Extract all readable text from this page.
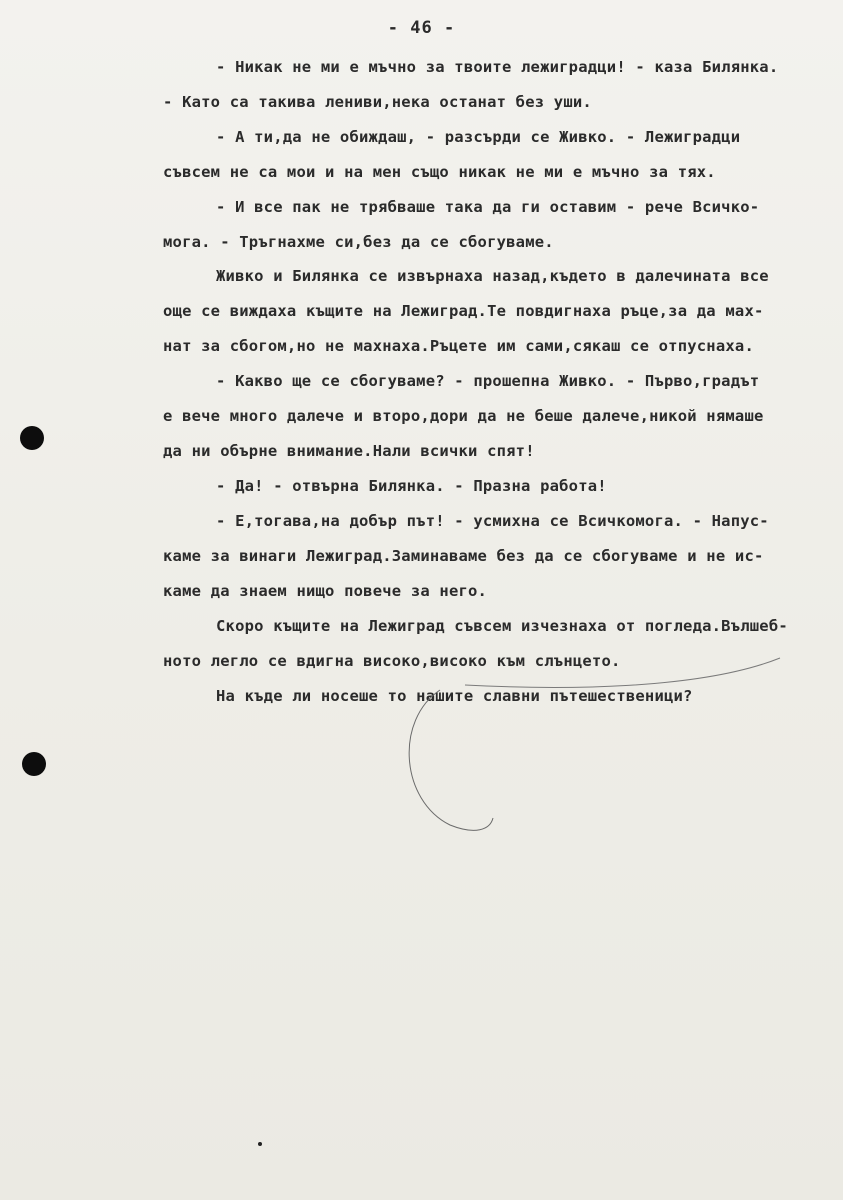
- 46 -
- Никак не ми е мъчно за твоите лежиградци! - каза Билянка.
- Като са такива лениви,нека останат без уши.
- А ти,да не обиждаш, - разсърди се Живко. - Лежиградци
съвсем не са мои и на мен също никак не ми е мъчно за тях.
- И все пак не трябваше така да ги оставим - рече Всичко-
мога. - Тръгнахме си,без да се сбогуваме.
Живко и Билянка се извърнаха назад,където в далечината все
още се виждаха къщите на Лежиград.Те повдигнаха ръце,за да мах-
нат за сбогом,но не махнаха.Ръцете им сами,сякаш се отпуснаха.
- Какво ще се сбогуваме? - прошепна Живко. - Първо,градът
е вече много далече и второ,дори да не беше далече,никой нямаше
да ни обърне внимание.Нали всички спят!
- Да! - отвърна Билянка. - Празна работа!
- Е,тогава,на добър път! - усмихна се Всичкомога. - Напус-
каме за винаги Лежиград.Заминаваме без да се сбогуваме и не ис-
каме да знаем нищо повече за него.
Скоро къщите на Лежиград съвсем изчезнаха от погледа.Вълшеб-
ното легло се вдигна високо,високо към слънцето.
На къде ли носеше то нашите славни пътешественици?
